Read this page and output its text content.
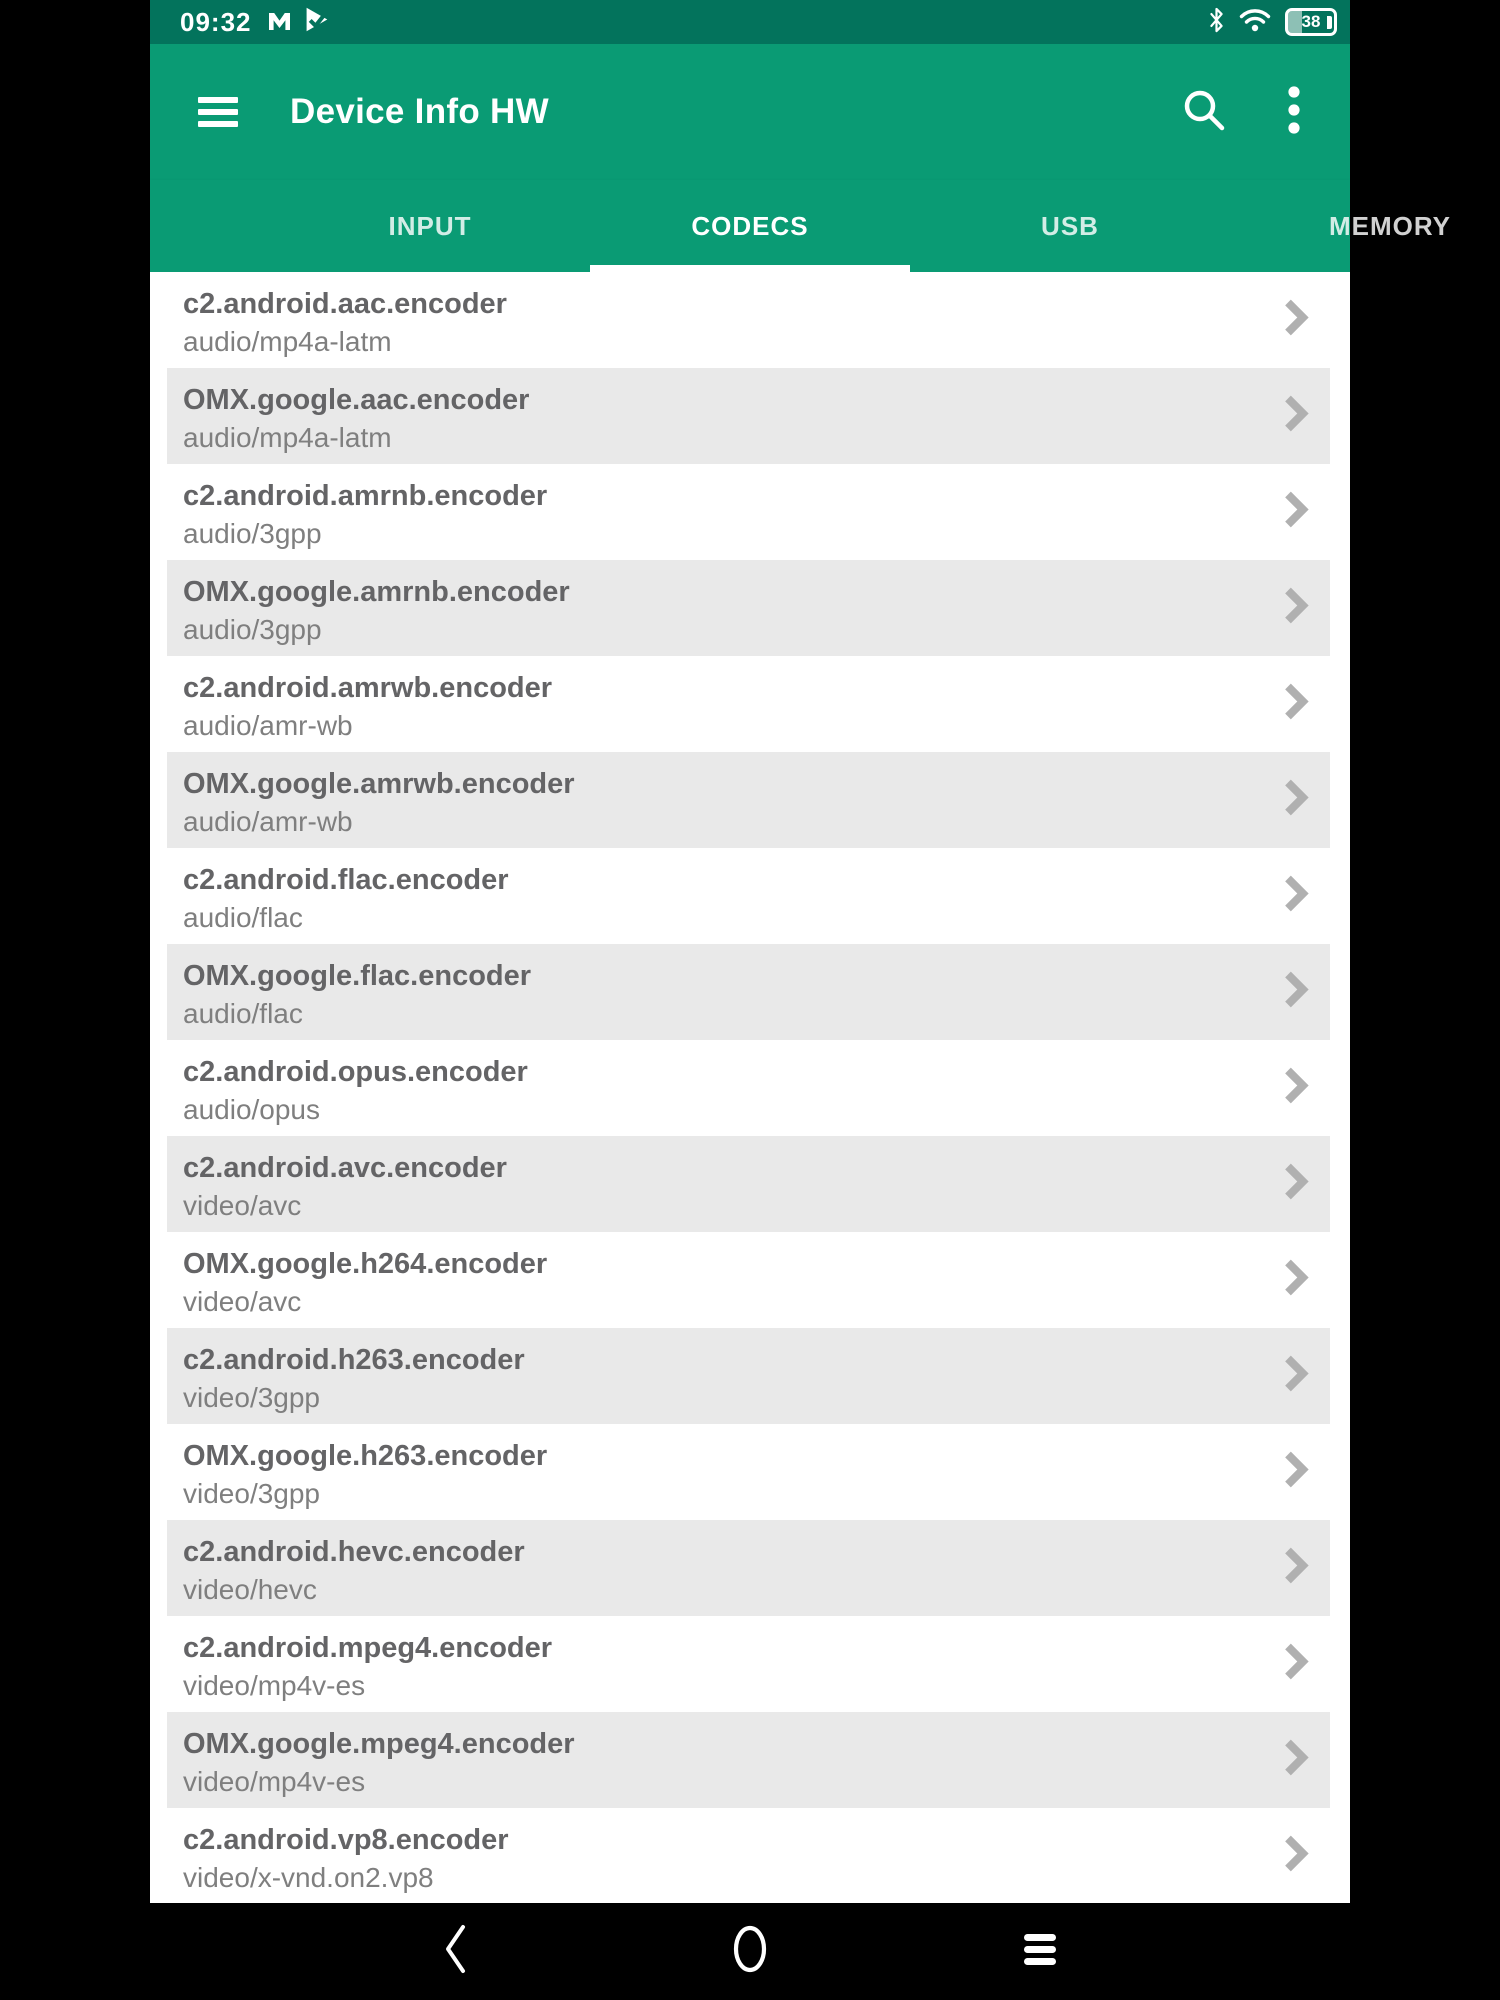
09:32	38
Device Info HW
INPUT	CODECS	USB	MEMORY
c2.android.aac.encoder
audio/mp4a-latm
OMX.google.aac.encoder
audio/mp4a-latm
c2.android.amrnb.encoder
audio/3gpp
OMX.google.amrnb.encoder
audio/3gpp
c2.android.amrwb.encoder
audio/amr-wb
OMX.google.amrwb.encoder
audio/amr-wb
c2.android.flac.encoder
audio/flac
OMX.google.flac.encoder
audio/flac
c2.android.opus.encoder
audio/opus
c2.android.avc.encoder
video/avc
OMX.google.h264.encoder
video/avc
c2.android.h263.encoder
video/3gpp
OMX.google.h263.encoder
video/3gpp
c2.android.hevc.encoder
video/hevc
c2.android.mpeg4.encoder
video/mp4v-es
OMX.google.mpeg4.encoder
video/mp4v-es
c2.android.vp8.encoder
video/x-vnd.on2.vp8
